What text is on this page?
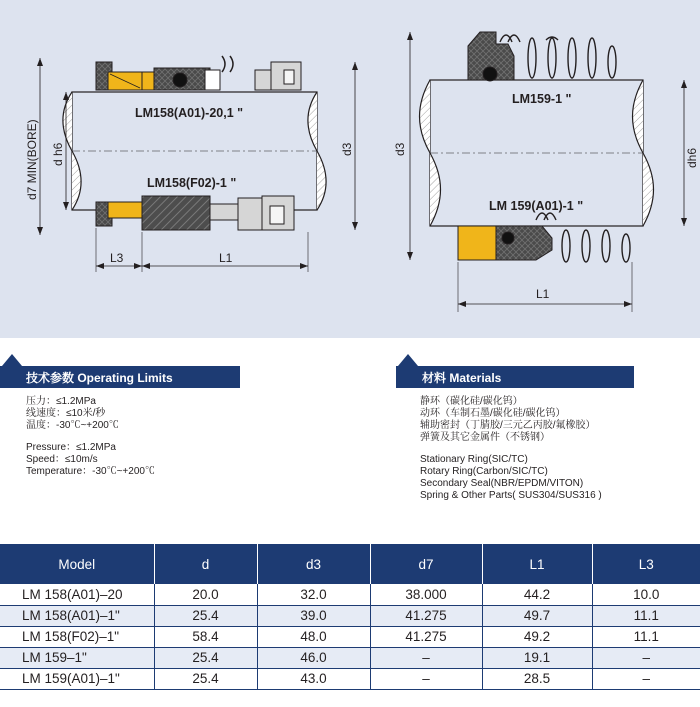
d7 MIN(BORE) d h6	d3
L3	L1
LM158(A01)-20,1 "
LM158(F02)-1 "
d3	dh6
L1
LM159-1 "
LM 159(A01)-1 "
技术参数 Operating Limits
压力：≤1.2MPa
线速度：≤10米/秒
温度：-30℃~+200℃
Pressure：≤1.2MPa
Speed：≤10m/s
Temperature：-30℃~+200℃
材料 Materials
静环（碳化硅/碳化钨）
动环（车制石墨/碳化硅/碳化钨）
辅助密封（丁腈胶/三元乙丙胶/氟橡胶）
弹簧及其它金属件（不锈钢）
Stationary Ring(SIC/TC)
Rotary Ring(Carbon/SIC/TC)
Secondary Seal(NBR/EPDM/VITON)
Spring & Other Parts( SUS304/SUS316 )
Model	d	d3	d7	L1	L3
LM 158(A01)–20	20.0	32.0	38.000	44.2	10.0
LM 158(A01)–1"	25.4	39.0	41.275	49.7	11.1
LM 158(F02)–1"	58.4	48.0	41.275	49.2	11.1
LM 159–1"	25.4	46.0	–	19.1	–
LM 159(A01)–1"	25.4	43.0	–	28.5	–
